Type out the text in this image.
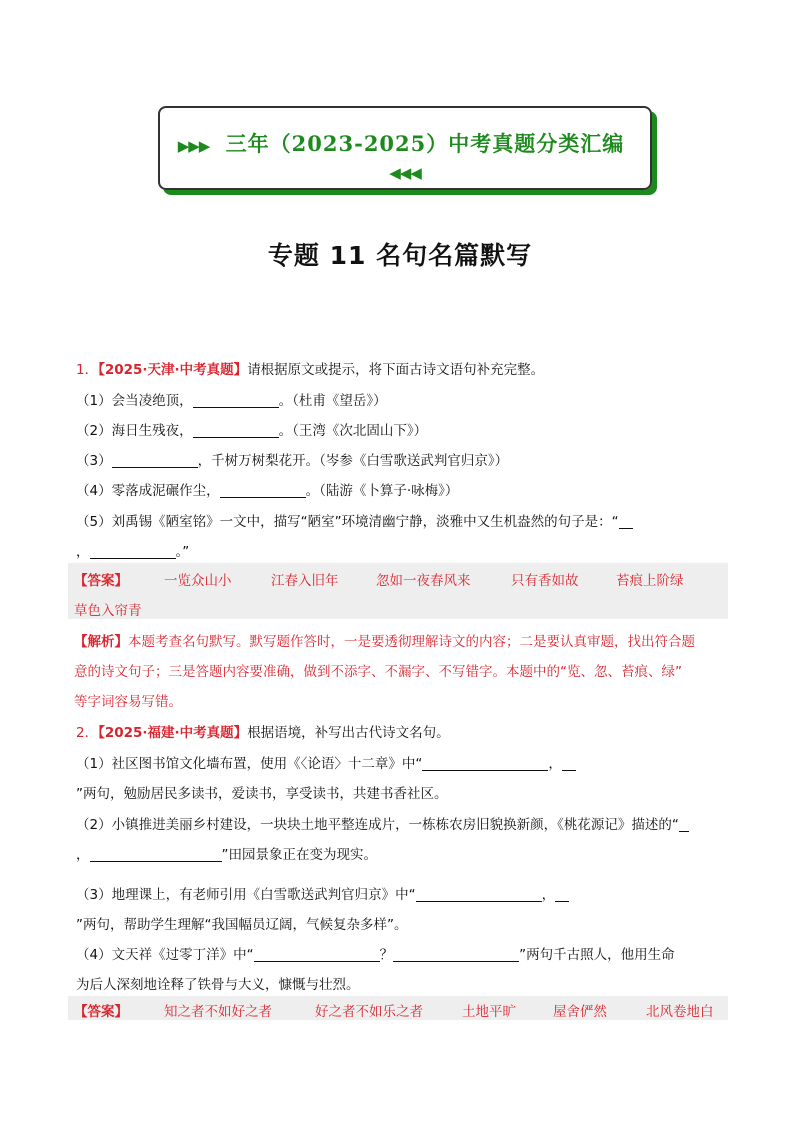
▶▶▶ 三年（2023-2025）中考真题分类汇编 ◀◀◀
专题 11 名句名篇默写
1．【2025·天津·中考真题】请根据原文或提示，将下面古诗文语句补充完整。
（1）会当凌绝顶，	。（杜甫《望岳》）
（2）海日生残夜，	。（王湾《次北固山下》）
（3）	，千树万树梨花开。（岑参《白雪歌送武判官归京》）
（4）零落成泥碾作尘，	。（陆游《卜算子·咏梅》）
（5）刘禹锡《陋室铭》一文中，描写“陋室”环境清幽宁静，淡雅中又生机盎然的句子是：“
，	。”
【答案】	一览众山小	江春入旧年	忽如一夜春风来	只有香如故	苔痕上阶绿
草色入帘青
【解析】本题考查名句默写。默写题作答时，一是要透彻理解诗文的内容；二是要认真审题，找出符合题
意的诗文句子；三是答题内容要准确，做到不添字、不漏字、不写错字。本题中的“览、忽、苔痕、绿”
等字词容易写错。
2．【2025·福建·中考真题】根据语境，补写出古代诗文名句。
（1）社区图书馆文化墙布置，使用《〈论语〉十二章》中“	，
”两句，勉励居民多读书，爱读书，享受读书，共建书香社区。
（2）小镇推进美丽乡村建设，一块块土地平整连成片，一栋栋农房旧貌换新颜，《桃花源记》描述的“
，	”田园景象正在变为现实。
（3）地理课上，有老师引用《白雪歌送武判官归京》中“	，
”两句，帮助学生理解“我国幅员辽阔，气候复杂多样”。
（4）文天祥《过零丁洋》中“	？	”两句千古照人，他用生命
为后人深刻地诠释了铁骨与大义，慷慨与壮烈。
【答案】	知之者不如好之者	好之者不如乐之者	土地平旷	屋舍俨然	北风卷地白
